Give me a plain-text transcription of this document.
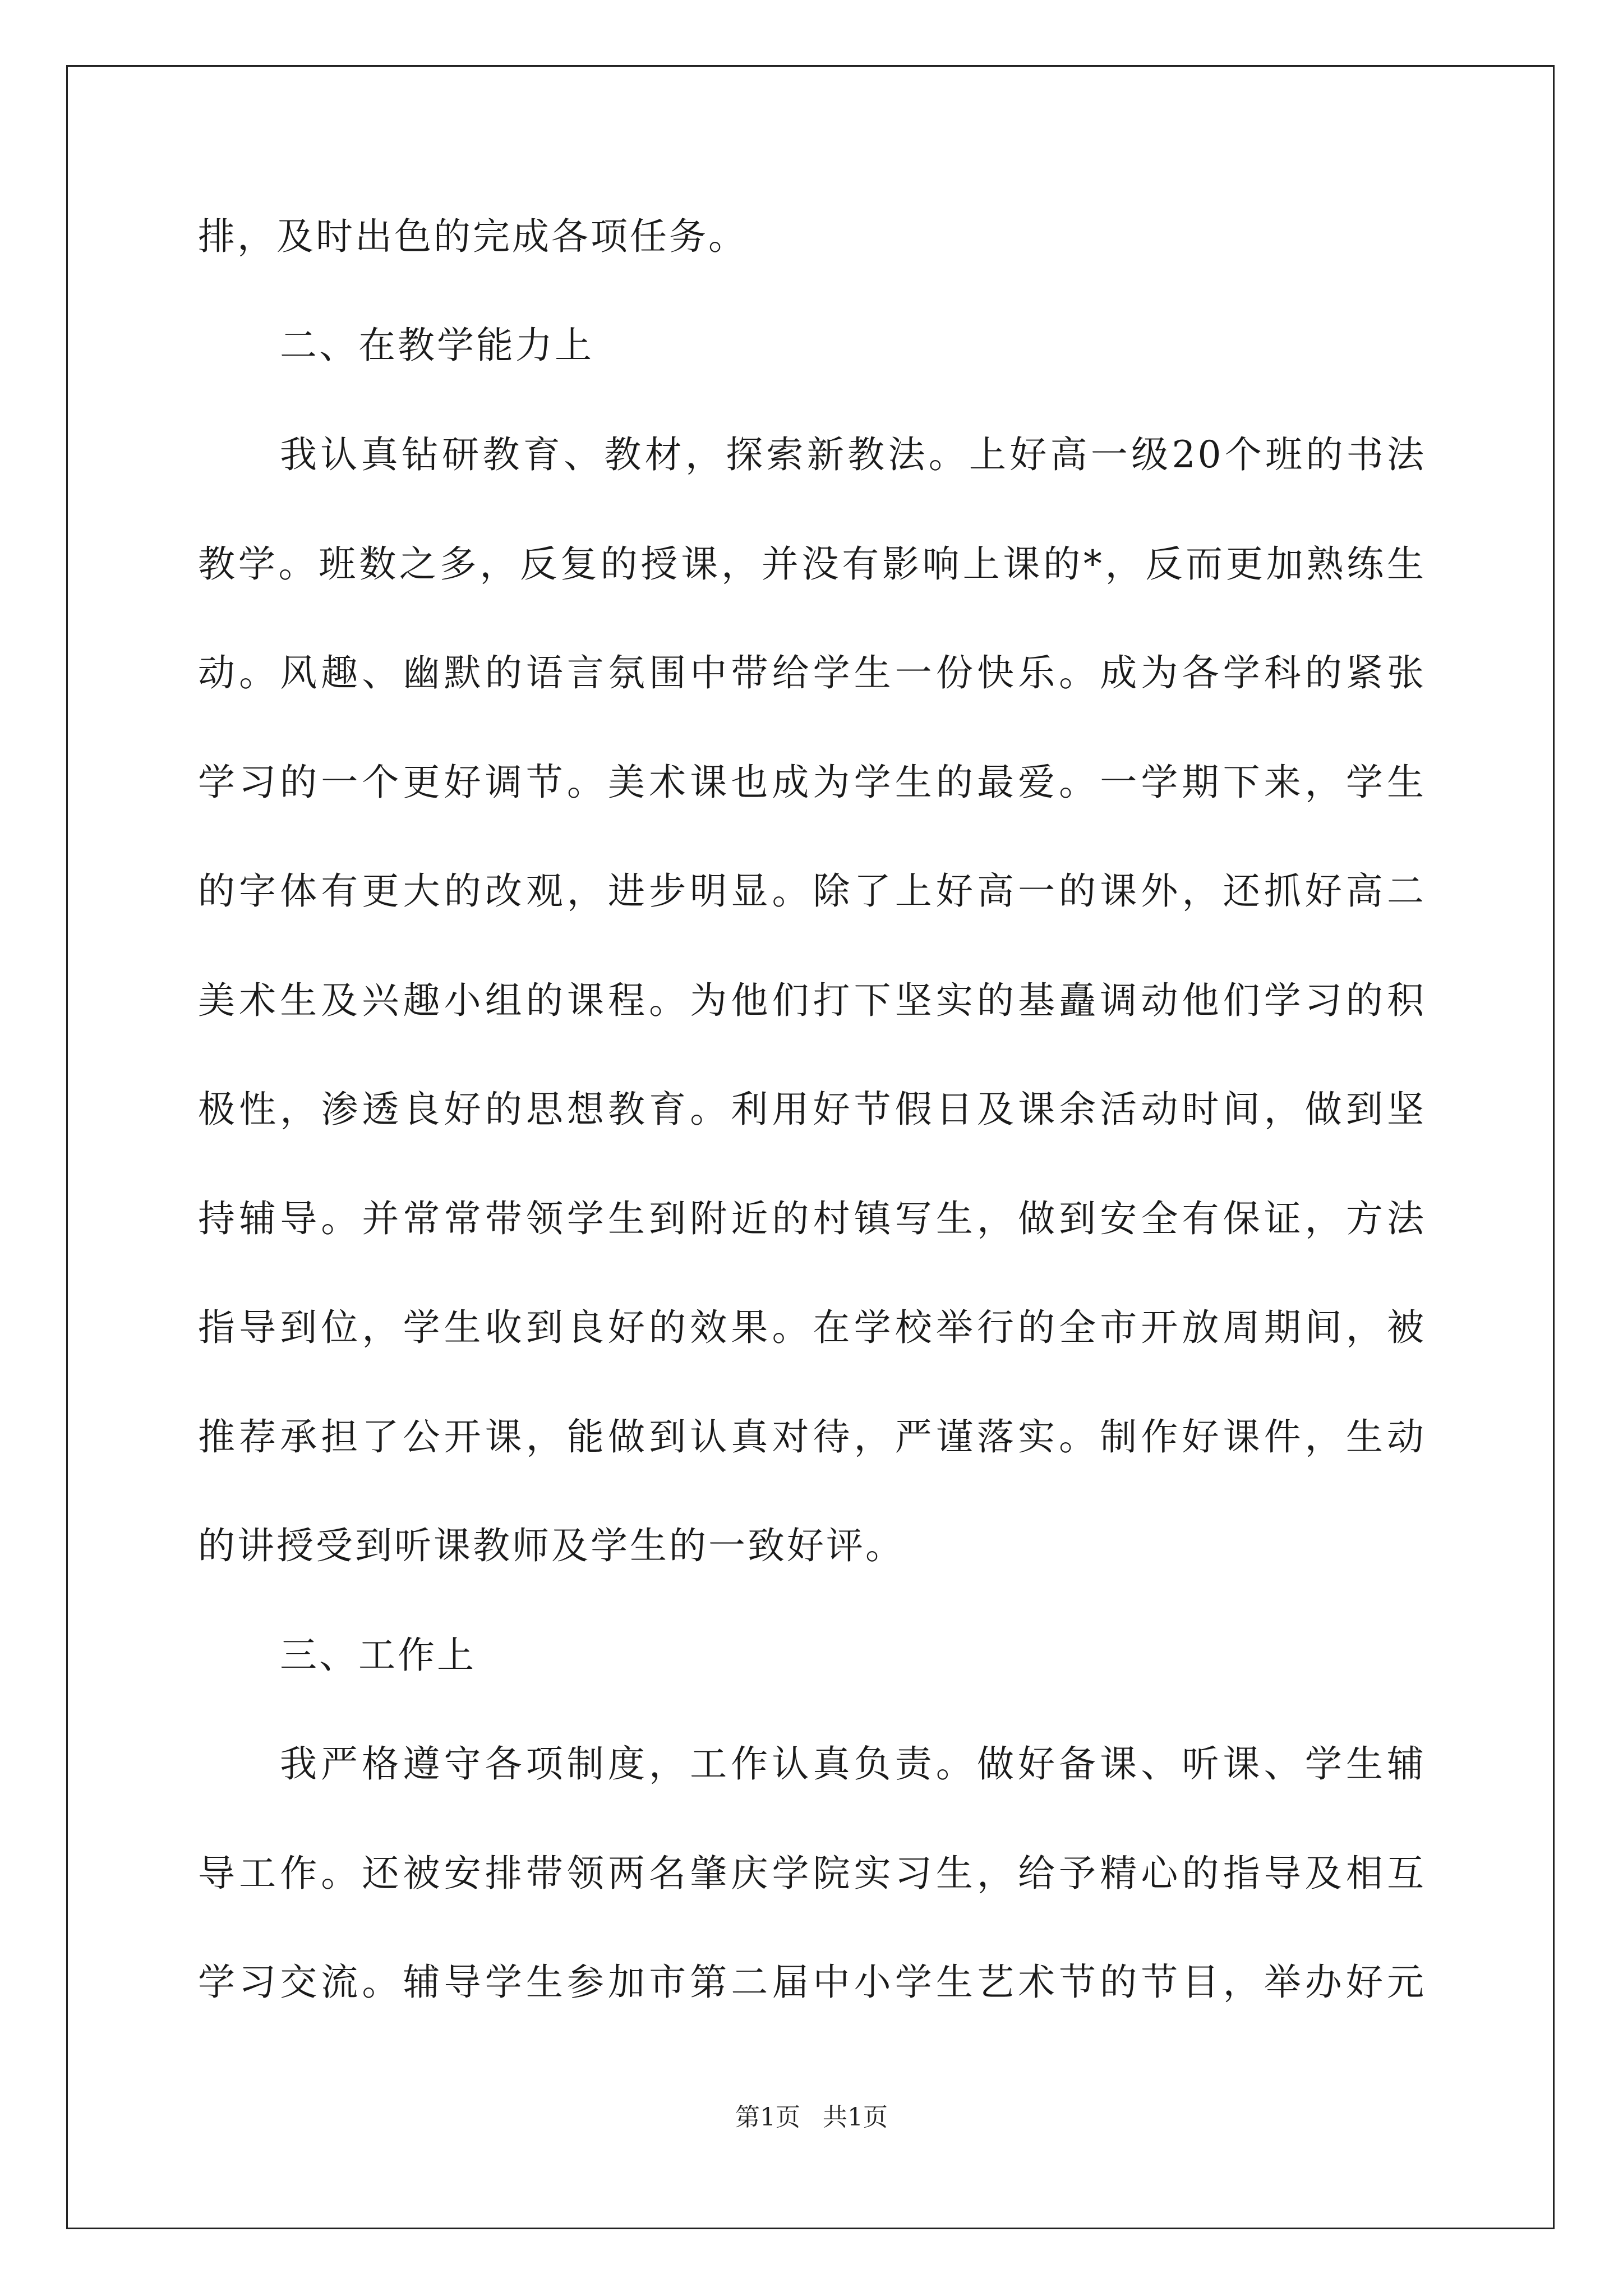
排，及时出色的完成各项任务。
二、在教学能力上
我认真钻研教育、教材，探索新教法。上好高一级20个班的书法
教学。班数之多，反复的授课，并没有影响上课的*，反而更加熟练生
动。风趣、幽默的语言氛围中带给学生一份快乐。成为各学科的紧张
学习的一个更好调节。美术课也成为学生的最爱。一学期下来，学生
的字体有更大的改观，进步明显。除了上好高一的课外，还抓好高二
美术生及兴趣小组的课程。为他们打下坚实的基矗调动他们学习的积
极性，渗透良好的思想教育。利用好节假日及课余活动时间，做到坚
持辅导。并常常带领学生到附近的村镇写生，做到安全有保证，方法
指导到位，学生收到良好的效果。在学校举行的全市开放周期间，被
推荐承担了公开课，能做到认真对待，严谨落实。制作好课件，生动
的讲授受到听课教师及学生的一致好评。
三、工作上
我严格遵守各项制度，工作认真负责。做好备课、听课、学生辅
导工作。还被安排带领两名肇庆学院实习生，给予精心的指导及相互
学习交流。辅导学生参加市第二届中小学生艺术节的节目，举办好元
第1页 共1页
